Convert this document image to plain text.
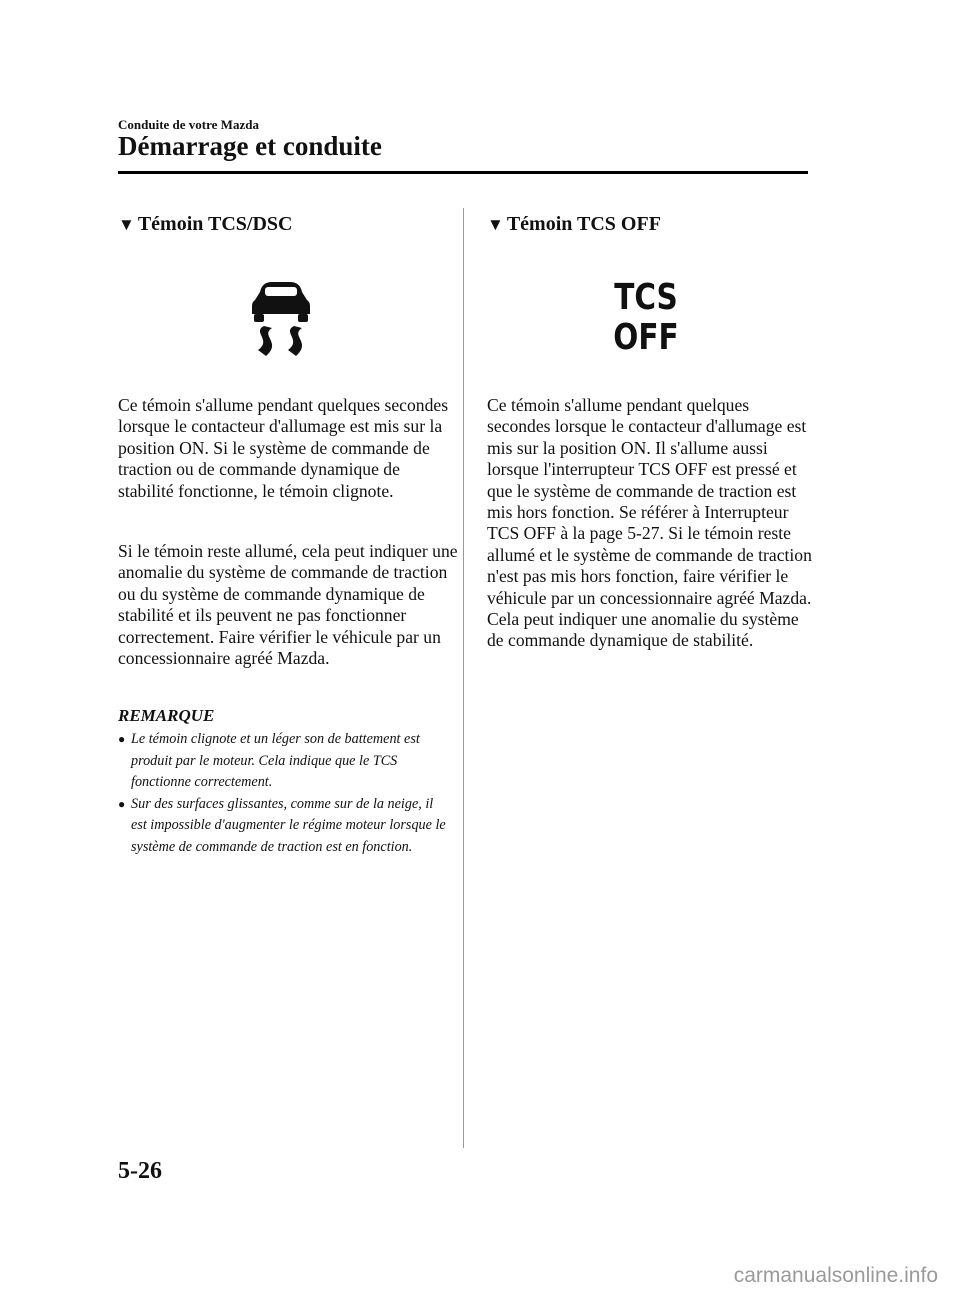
Conduite de votre Mazda
Démarrage et conduite
▼ Témoin TCS/DSC

Ce témoin s'allume pendant quelques secondes lorsque le contacteur d'allumage est mis sur la position ON. Si le système de commande de traction ou de commande dynamique de stabilité fonctionne, le témoin clignote.

Si le témoin reste allumé, cela peut indiquer une anomalie du système de commande de traction ou du système de commande dynamique de stabilité et ils peuvent ne pas fonctionner correctement. Faire vérifier le véhicule par un concessionnaire agréé Mazda.

REMARQUE
● Le témoin clignote et un léger son de battement est produit par le moteur. Cela indique que le TCS fonctionne correctement.
● Sur des surfaces glissantes, comme sur de la neige, il est impossible d'augmenter le régime moteur lorsque le système de commande de traction est en fonction.
▼ Témoin TCS OFF
TCS
OFF

Ce témoin s'allume pendant quelques secondes lorsque le contacteur d'allumage est mis sur la position ON. Il s'allume aussi lorsque l'interrupteur TCS OFF est pressé et que le système de commande de traction est mis hors fonction. Se référer à Interrupteur TCS OFF à la page 5-27. Si le témoin reste allumé et le système de commande de traction n'est pas mis hors fonction, faire vérifier le véhicule par un concessionnaire agréé Mazda. Cela peut indiquer une anomalie du système de commande dynamique de stabilité.

5-26
carmanualsonline.info
